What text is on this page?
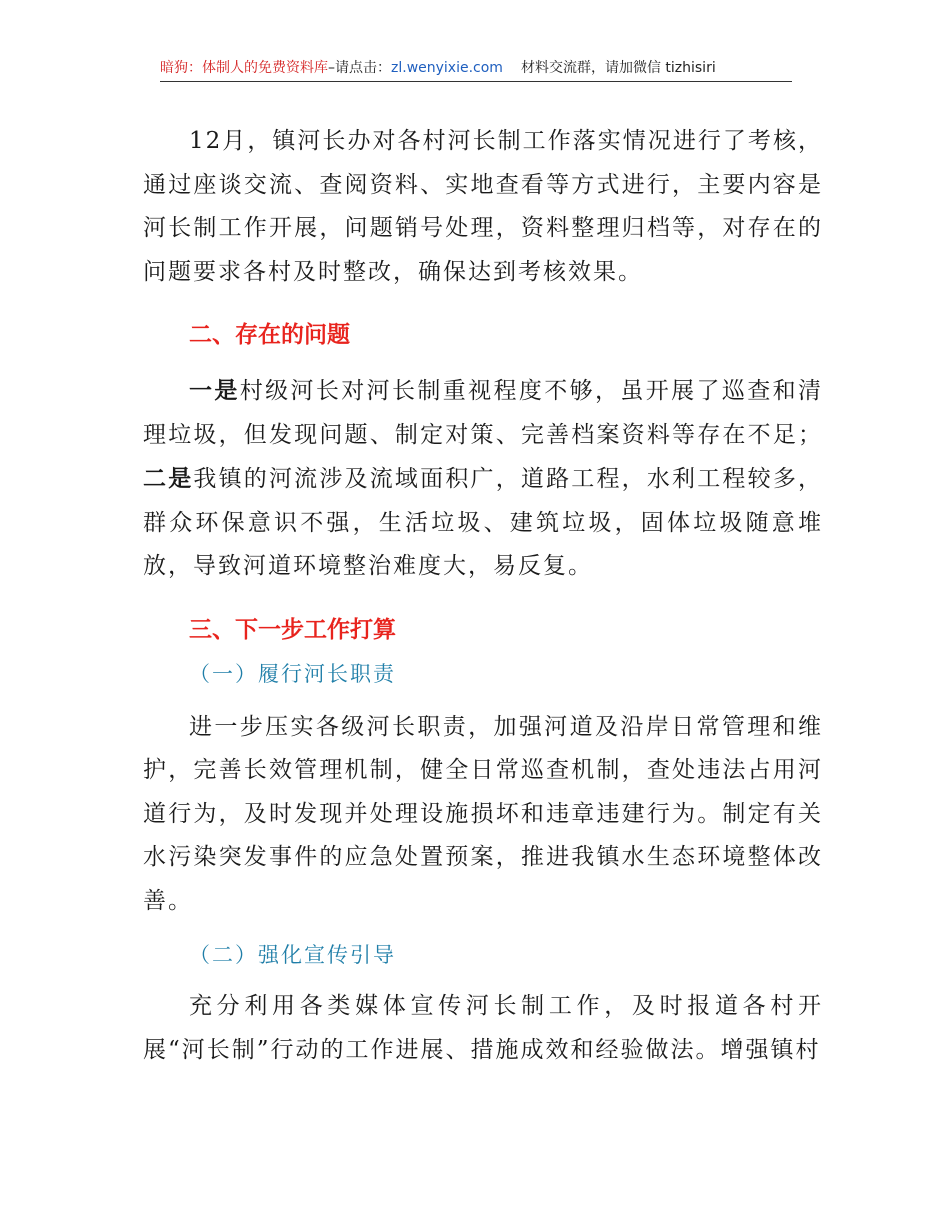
暗狗：体制人的免费资料库–请点击：zl.wenyixie.com 材料交流群，请加微信 tizhisiri

12月，镇河长办对各村河长制工作落实情况进行了考核，通过座谈交流、查阅资料、实地查看等方式进行，主要内容是河长制工作开展，问题销号处理，资料整理归档等，对存在的问题要求各村及时整改，确保达到考核效果。

二、存在的问题

一是村级河长对河长制重视程度不够，虽开展了巡查和清理垃圾，但发现问题、制定对策、完善档案资料等存在不足；二是我镇的河流涉及流域面积广，道路工程，水利工程较多，群众环保意识不强，生活垃圾、建筑垃圾，固体垃圾随意堆放，导致河道环境整治难度大，易反复。

三、下一步工作打算

（一）履行河长职责

进一步压实各级河长职责，加强河道及沿岸日常管理和维护，完善长效管理机制，健全日常巡查机制，查处违法占用河道行为，及时发现并处理设施损坏和违章违建行为。制定有关水污染突发事件的应急处置预案，推进我镇水生态环境整体改善。

（二）强化宣传引导

充分利用各类媒体宣传河长制工作，及时报道各村开展“河长制”行动的工作进展、措施成效和经验做法。增强镇村
